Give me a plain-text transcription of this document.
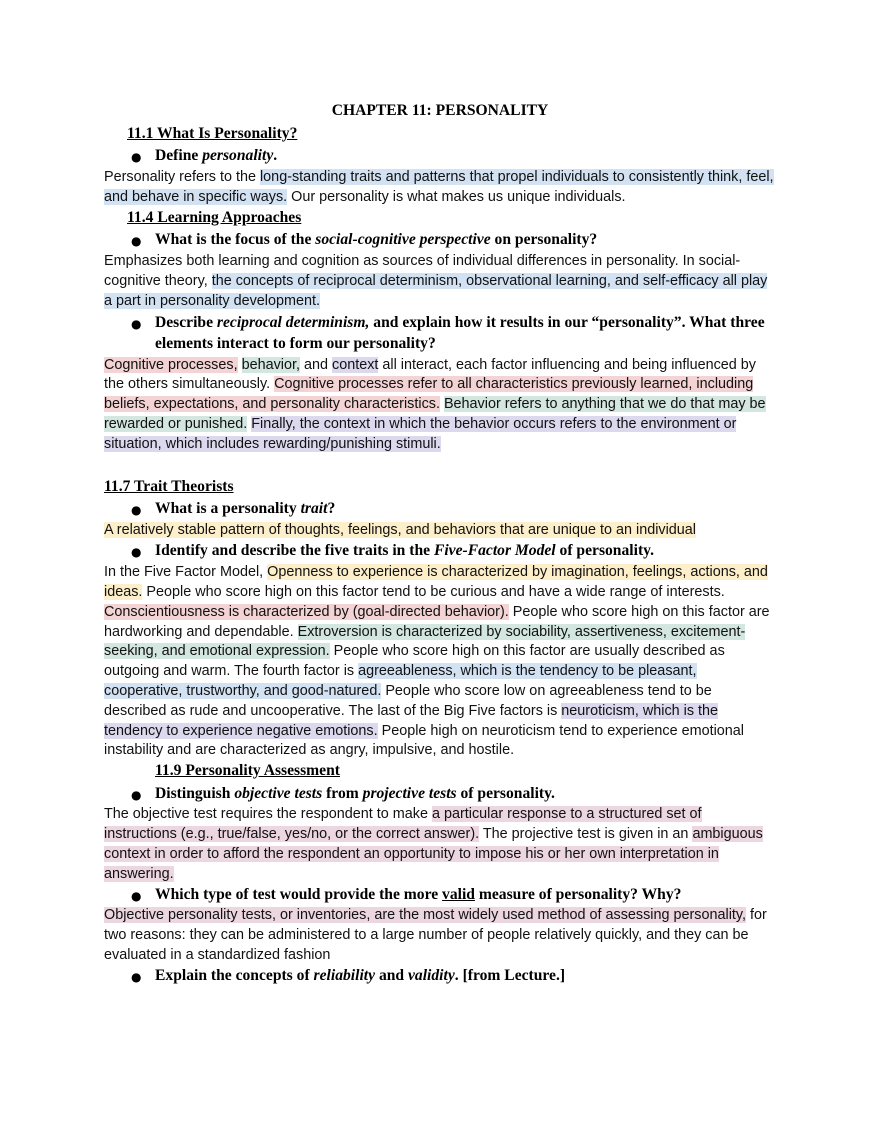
CHAPTER 11: PERSONALITY
11.1 What Is Personality?
● Define personality.
Personality refers to the long-standing traits and patterns that propel individuals to consistently think, feel,
and behave in specific ways. Our personality is what makes us unique individuals.
11.4 Learning Approaches
● What is the focus of the social-cognitive perspective on personality?
Emphasizes both learning and cognition as sources of individual differences in personality. In social-
cognitive theory, the concepts of reciprocal determinism, observational learning, and self-efficacy all play
a part in personality development.
● Describe reciprocal determinism, and explain how it results in our “personality”. What three
elements interact to form our personality?
Cognitive processes, behavior, and context all interact, each factor influencing and being influenced by
the others simultaneously. Cognitive processes refer to all characteristics previously learned, including
beliefs, expectations, and personality characteristics. Behavior refers to anything that we do that may be
rewarded or punished. Finally, the context in which the behavior occurs refers to the environment or
situation, which includes rewarding/punishing stimuli.
11.7 Trait Theorists
● What is a personality trait?
A relatively stable pattern of thoughts, feelings, and behaviors that are unique to an individual
● Identify and describe the five traits in the Five-Factor Model of personality.
In the Five Factor Model, Openness to experience is characterized by imagination, feelings, actions, and
ideas. People who score high on this factor tend to be curious and have a wide range of interests.
Conscientiousness is characterized by (goal-directed behavior). People who score high on this factor are
hardworking and dependable. Extroversion is characterized by sociability, assertiveness, excitement-
seeking, and emotional expression. People who score high on this factor are usually described as
outgoing and warm. The fourth factor is agreeableness, which is the tendency to be pleasant,
cooperative, trustworthy, and good-natured. People who score low on agreeableness tend to be
described as rude and uncooperative. The last of the Big Five factors is neuroticism, which is the
tendency to experience negative emotions. People high on neuroticism tend to experience emotional
instability and are characterized as angry, impulsive, and hostile.
11.9 Personality Assessment
● Distinguish objective tests from projective tests of personality.
The objective test requires the respondent to make a particular response to a structured set of
instructions (e.g., true/false, yes/no, or the correct answer). The projective test is given in an ambiguous
context in order to afford the respondent an opportunity to impose his or her own interpretation in
answering.
● Which type of test would provide the more valid measure of personality? Why?
Objective personality tests, or inventories, are the most widely used method of assessing personality, for
two reasons: they can be administered to a large number of people relatively quickly, and they can be
evaluated in a standardized fashion
● Explain the concepts of reliability and validity. [from Lecture.]
